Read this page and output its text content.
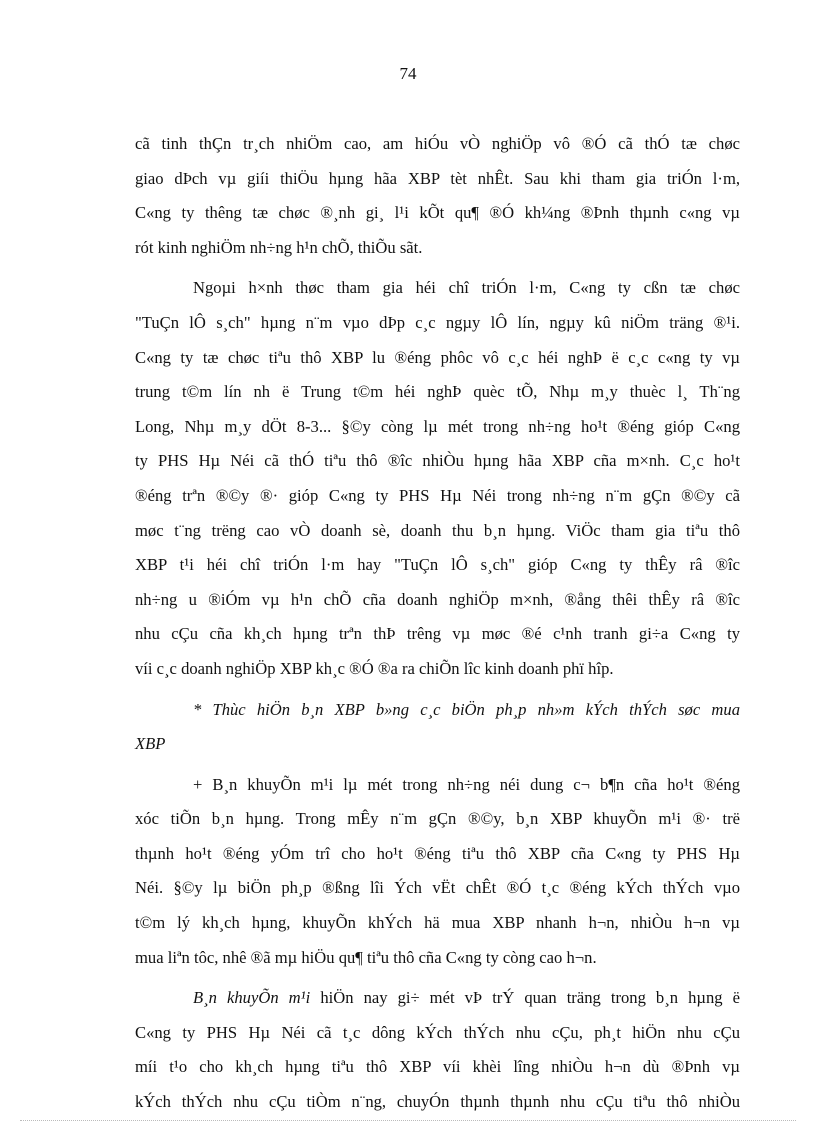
74
cã tinh thÇn tr¸ch nhiÖm cao, am hiÓu vÒ nghiÖp vô ®Ó cã thÓ tæ chøc
giao dÞch vµ giíi thiÖu hµng hãa XBP tèt nhÊt. Sau khi tham gia triÓn l·m,
C«ng ty thêng tæ chøc ®¸nh gi¸ l¹i kÕt qu¶ ®Ó kh¼ng ®Þnh thµnh c«ng vµ
rót kinh nghiÖm nh÷ng h¹n chÕ, thiÕu sãt.
Ngoµi h×nh thøc tham gia héi chî triÓn l·m, C«ng ty cßn tæ chøc
"TuÇn lÔ s¸ch" hµng n¨m vµo dÞp c¸c ngµy lÔ lín, ngµy kû niÖm träng ®¹i.
C«ng ty tæ chøc tiªu thô XBP lu ®éng phôc vô c¸c héi nghÞ ë c¸c c«ng ty vµ
trung t©m lín nh ë Trung t©m héi nghÞ quèc tÕ, Nhµ m¸y thuèc l¸ Th¨ng
Long, Nhµ m¸y dÖt 8-3... §©y còng lµ mét trong nh÷ng ho¹t ®éng gióp C«ng
ty PHS Hµ Néi cã thÓ tiªu thô ®îc nhiÒu hµng hãa XBP cña m×nh. C¸c ho¹t
®éng trªn ®©y ®· gióp C«ng ty PHS Hµ Néi trong nh÷ng n¨m gÇn ®©y cã
møc t¨ng trëng cao vÒ doanh sè, doanh thu b¸n hµng. ViÖc tham gia tiªu thô
XBP t¹i héi chî triÓn l·m hay "TuÇn lÔ s¸ch" gióp C«ng ty thÊy râ ®îc
nh÷ng u ®iÓm vµ h¹n chÕ cña doanh nghiÖp m×nh, ®ång thêi thÊy râ ®îc
nhu cÇu cña kh¸ch hµng trªn thÞ trêng vµ møc ®é c¹nh tranh gi÷a C«ng ty
víi c¸c doanh nghiÖp XBP kh¸c ®Ó ®a ra chiÕn lîc kinh doanh phï hîp.
* Thùc hiÖn b¸n XBP b»ng c¸c biÖn ph¸p nh»m kÝch thÝch søc mua
XBP
+ B¸n khuyÕn m¹i lµ mét trong nh÷ng néi dung c¬ b¶n cña ho¹t ®éng
xóc tiÕn b¸n hµng. Trong mÊy n¨m gÇn ®©y, b¸n XBP khuyÕn m¹i ®· trë
thµnh ho¹t ®éng yÓm trî cho ho¹t ®éng tiªu thô XBP cña C«ng ty PHS Hµ
Néi. §©y lµ biÖn ph¸p ®ßng lîi Ých vËt chÊt ®Ó t¸c ®éng kÝch thÝch vµo
t©m lý kh¸ch hµng, khuyÕn khÝch hä mua XBP nhanh h¬n, nhiÒu h¬n vµ
mua liªn tôc, nhê ®ã mµ hiÖu qu¶ tiªu thô cña C«ng ty còng cao h¬n.
B¸n khuyÕn m¹i hiÖn nay gi÷ mét vÞ trÝ quan träng trong b¸n hµng ë
C«ng ty PHS Hµ Néi cã t¸c dông kÝch thÝch nhu cÇu, ph¸t hiÖn nhu cÇu
míi t¹o cho kh¸ch hµng tiªu thô XBP víi khèi lîng nhiÒu h¬n dù ®Þnh vµ
kÝch thÝch nhu cÇu tiÒm n¨ng, chuyÓn thµnh thµnh nhu cÇu tiªu thô nhiÒu
